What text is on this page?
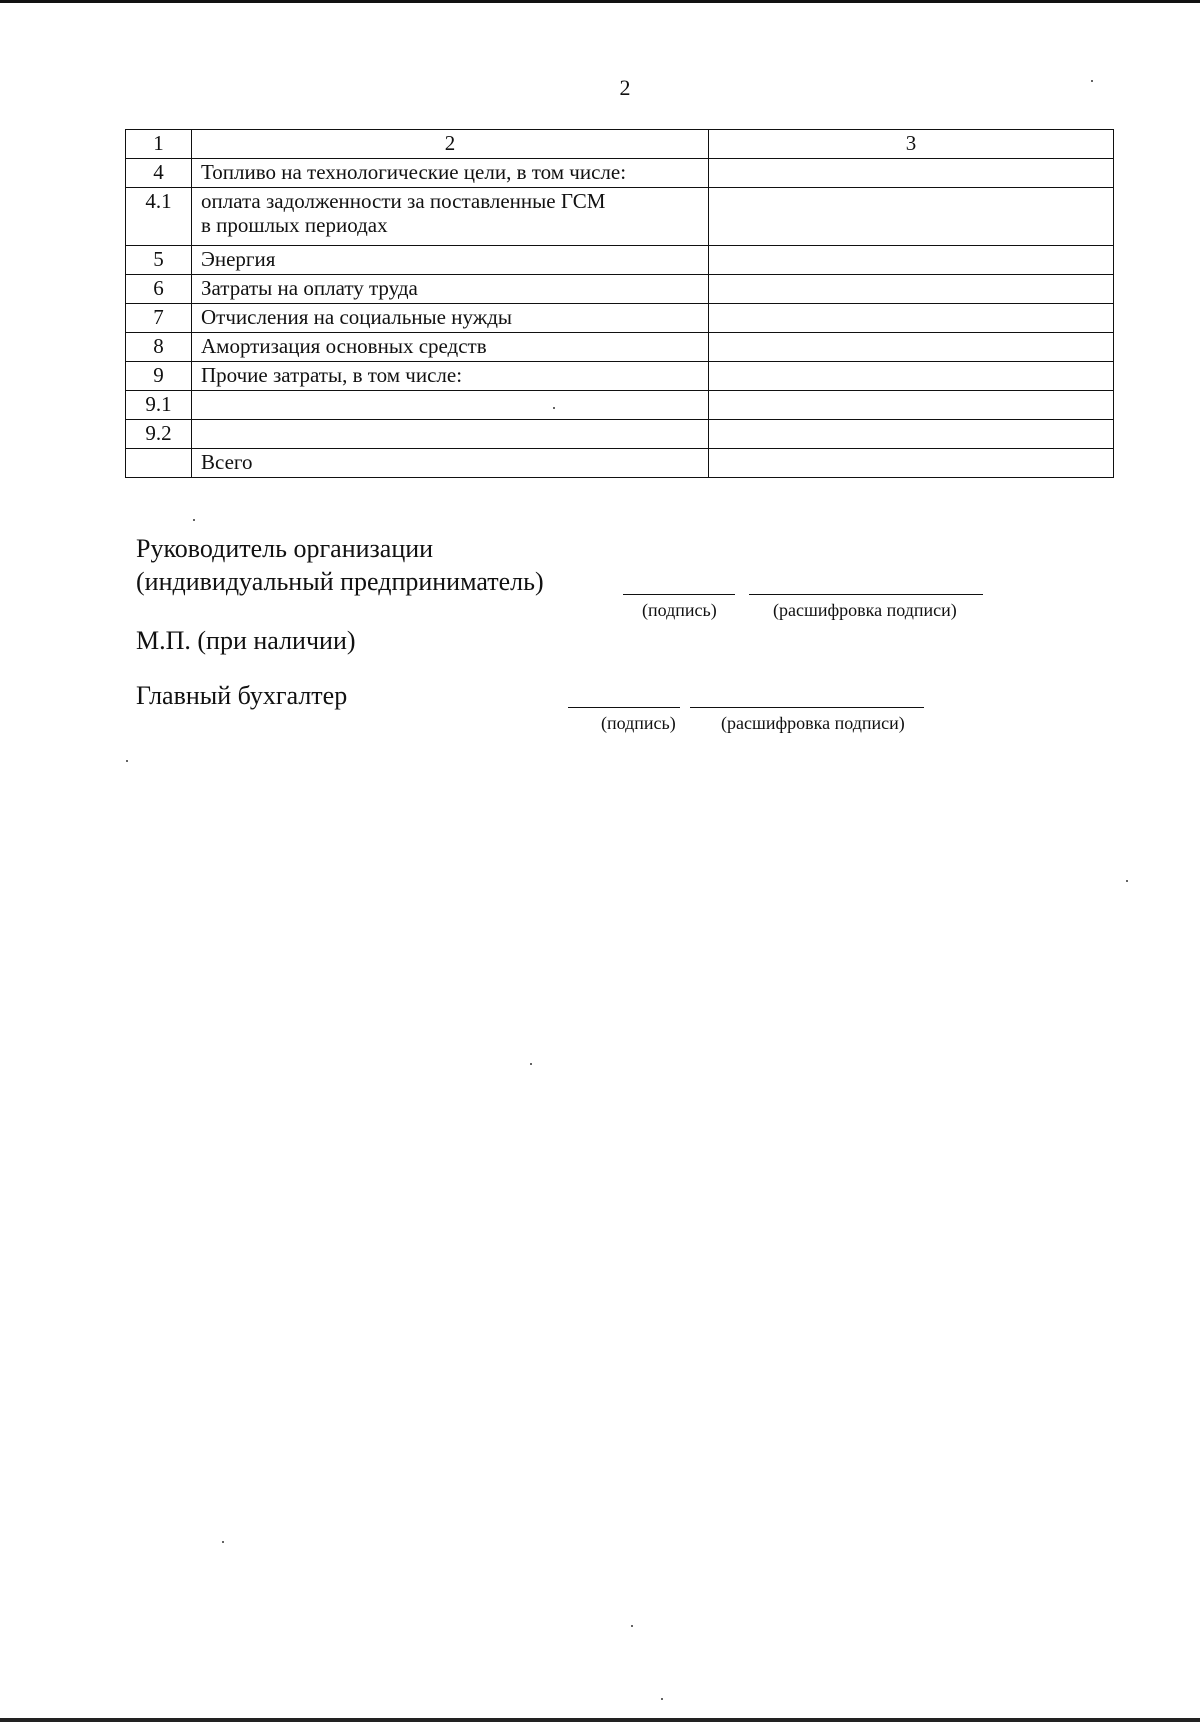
2
1	2	3
4	Топливо на технологические цели, в том числе:	

4.1	оплата задолженности за поставленные ГСМ
в прошлых периодах	

5	Энергия	

6	Затраты на оплату труда	

7	Отчисления на социальные нужды	

8	Амортизация основных средств	

9	Прочие затраты, в том числе:	

9.1	

9.2	

	Всего	

Руководитель организации
(индивидуальный предприниматель)
(подпись)	(расшифровка подписи)
М.П. (при наличии)
Главный бухгалтер
(подпись)	(расшифровка подписи)
